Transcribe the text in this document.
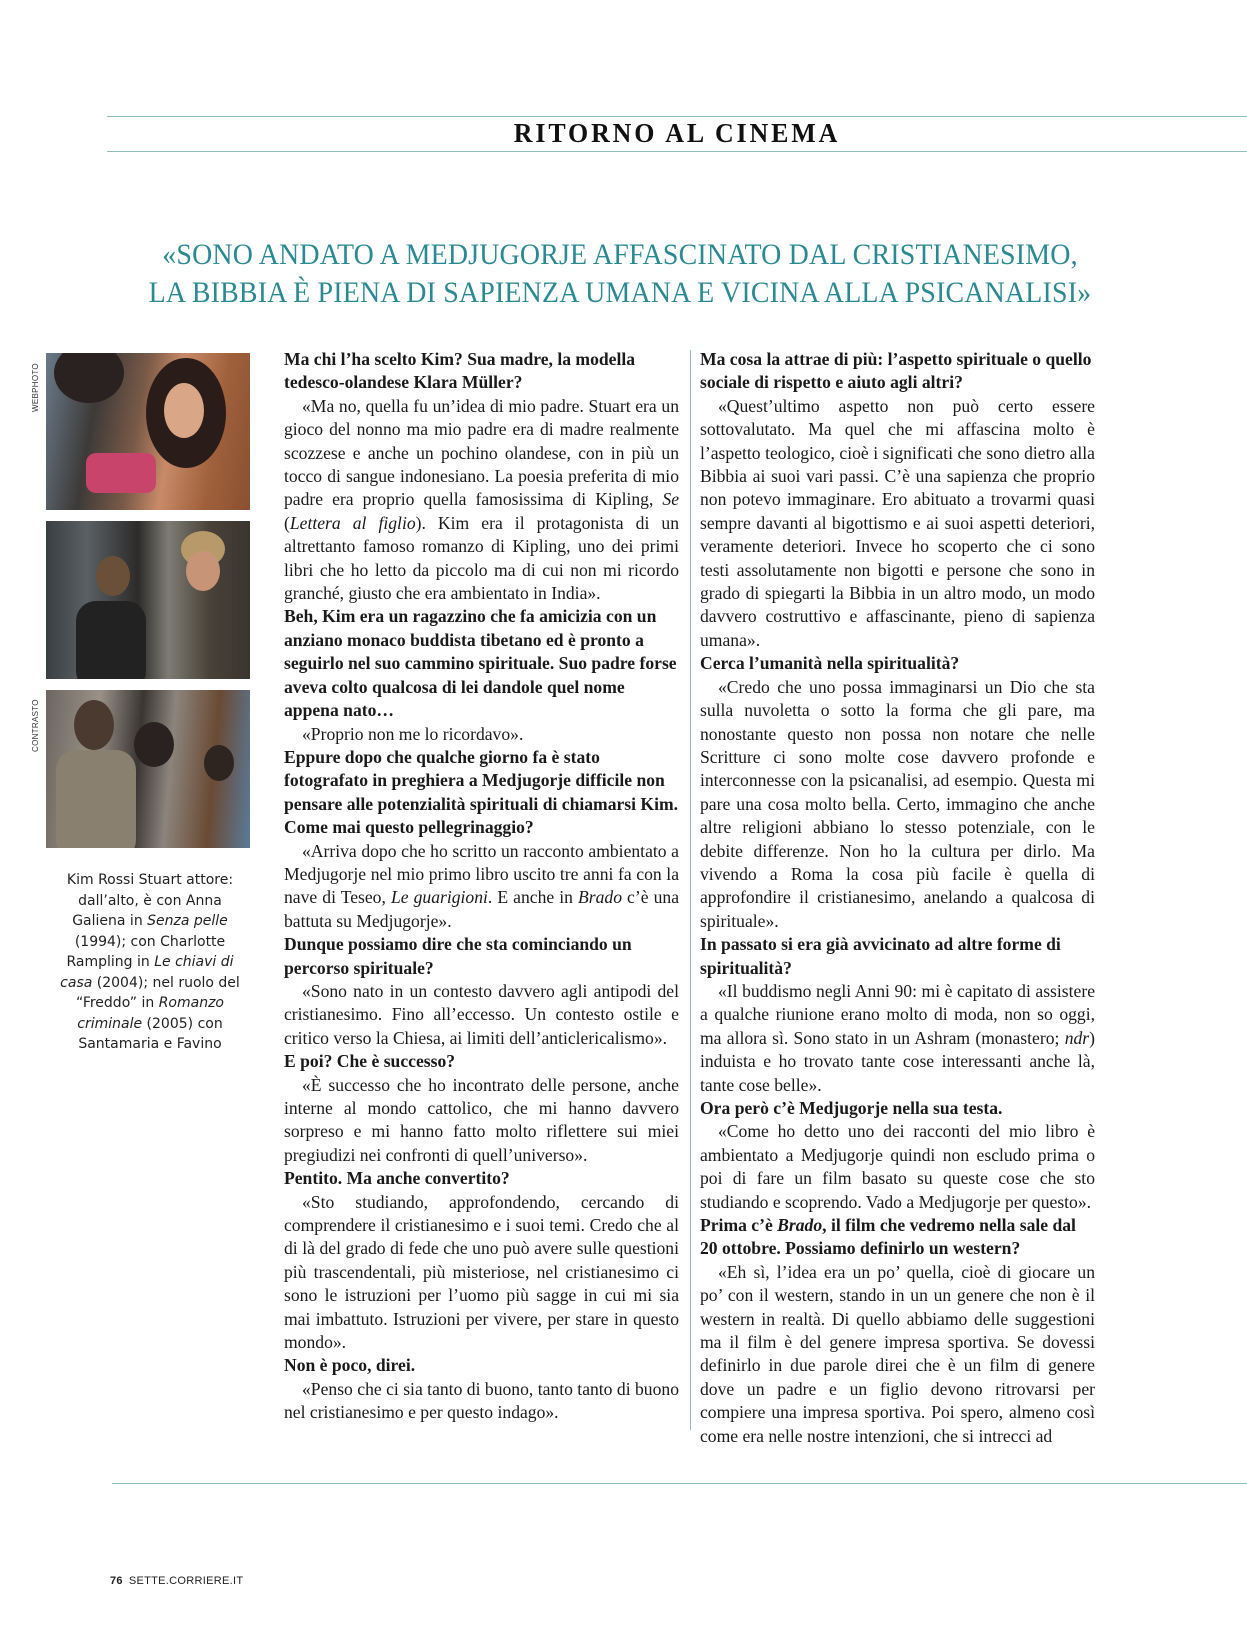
RITORNO AL CINEMA
«SONO ANDATO A MEDJUGORJE AFFASCINATO DAL CRISTIANESIMO,
LA BIBBIA È PIENA DI SAPIENZA UMANA E VICINA ALLA PSICANALISI»
WEBPHOTO
CONTRASTO
Kim Rossi Stuart attore: dall’alto, è con Anna Galiena in Senza pelle (1994); con Charlotte Rampling in Le chiavi di casa (2004); nel ruolo del “Freddo” in Romanzo criminale (2005) con Santamaria e Favino
Ma chi l’ha scelto Kim? Sua madre, la modella tedesco-olandese Klara Müller?
«Ma no, quella fu un’idea di mio padre. Stuart era un gioco del nonno ma mio padre era di madre realmente scozzese e anche un pochino olandese, con in più un tocco di sangue indonesiano. La poesia preferita di mio padre era proprio quella famosissima di Kipling, Se (Lettera al figlio). Kim era il protagonista di un altrettanto famoso romanzo di Kipling, uno dei primi libri che ho letto da piccolo ma di cui non mi ricordo granché, giusto che era ambientato in India».
Beh, Kim era un ragazzino che fa amicizia con un anziano monaco buddista tibetano ed è pronto a seguirlo nel suo cammino spirituale. Suo padre forse aveva colto qualcosa di lei dandole quel nome appena nato…
«Proprio non me lo ricordavo».
Eppure dopo che qualche giorno fa è stato fotografato in preghiera a Medjugorje difficile non pensare alle potenzialità spirituali di chiamarsi Kim. Come mai questo pellegrinaggio?
«Arriva dopo che ho scritto un racconto ambientato a Medjugorje nel mio primo libro uscito tre anni fa con la nave di Teseo, Le guarigioni. E anche in Brado c’è una battuta su Medjugorje».
Dunque possiamo dire che sta cominciando un percorso spirituale?
«Sono nato in un contesto davvero agli antipodi del cristianesimo. Fino all’eccesso. Un contesto ostile e critico verso la Chiesa, ai limiti dell’anticlericalismo».
E poi? Che è successo?
«È successo che ho incontrato delle persone, anche interne al mondo cattolico, che mi hanno davvero sorpreso e mi hanno fatto molto riflettere sui miei pregiudizi nei confronti di quell’universo».
Pentito. Ma anche convertito?
«Sto studiando, approfondendo, cercando di comprendere il cristianesimo e i suoi temi. Credo che al di là del grado di fede che uno può avere sulle questioni più trascendentali, più misteriose, nel cristianesimo ci sono le istruzioni per l’uomo più sagge in cui mi sia mai imbattuto. Istruzioni per vivere, per stare in questo mondo».
Non è poco, direi.
«Penso che ci sia tanto di buono, tanto tanto di buono nel cristianesimo e per questo indago».
Ma cosa la attrae di più: l’aspetto spirituale o quello sociale di rispetto e aiuto agli altri?
«Quest’ultimo aspetto non può certo essere sottovalutato. Ma quel che mi affascina molto è l’aspetto teologico, cioè i significati che sono dietro alla Bibbia ai suoi vari passi. C’è una sapienza che proprio non potevo immaginare. Ero abituato a trovarmi quasi sempre davanti al bigottismo e ai suoi aspetti deteriori, veramente deteriori. Invece ho scoperto che ci sono testi assolutamente non bigotti e persone che sono in grado di spiegarti la Bibbia in un altro modo, un modo davvero costruttivo e affascinante, pieno di sapienza umana».
Cerca l’umanità nella spiritualità?
«Credo che uno possa immaginarsi un Dio che sta sulla nuvoletta o sotto la forma che gli pare, ma nonostante questo non possa non notare che nelle Scritture ci sono molte cose davvero profonde e interconnesse con la psicanalisi, ad esempio. Questa mi pare una cosa molto bella. Certo, immagino che anche altre religioni abbiano lo stesso potenziale, con le debite differenze. Non ho la cultura per dirlo. Ma vivendo a Roma la cosa più facile è quella di approfondire il cristianesimo, anelando a qualcosa di spirituale».
In passato si era già avvicinato ad altre forme di spiritualità?
«Il buddismo negli Anni 90: mi è capitato di assistere a qualche riunione erano molto di moda, non so oggi, ma allora sì. Sono stato in un Ashram (monastero; ndr) induista e ho trovato tante cose interessanti anche là, tante cose belle».
Ora però c’è Medjugorje nella sua testa.
«Come ho detto uno dei racconti del mio libro è ambientato a Medjugorje quindi non escludo prima o poi di fare un film basato su queste cose che sto studiando e scoprendo. Vado a Medjugorje per questo».
Prima c’è Brado, il film che vedremo nella sale dal 20 ottobre. Possiamo definirlo un western?
«Eh sì, l’idea era un po’ quella, cioè di giocare un po’ con il western, stando in un un genere che non è il western in realtà. Di quello abbiamo delle suggestioni ma il film è del genere impresa sportiva. Se dovessi definirlo in due parole direi che è un film di genere dove un padre e un figlio devono ritrovarsi per compiere una impresa sportiva. Poi spero, almeno così come era nelle nostre intenzioni, che si intrecci ad
76 SETTE.CORRIERE.IT
